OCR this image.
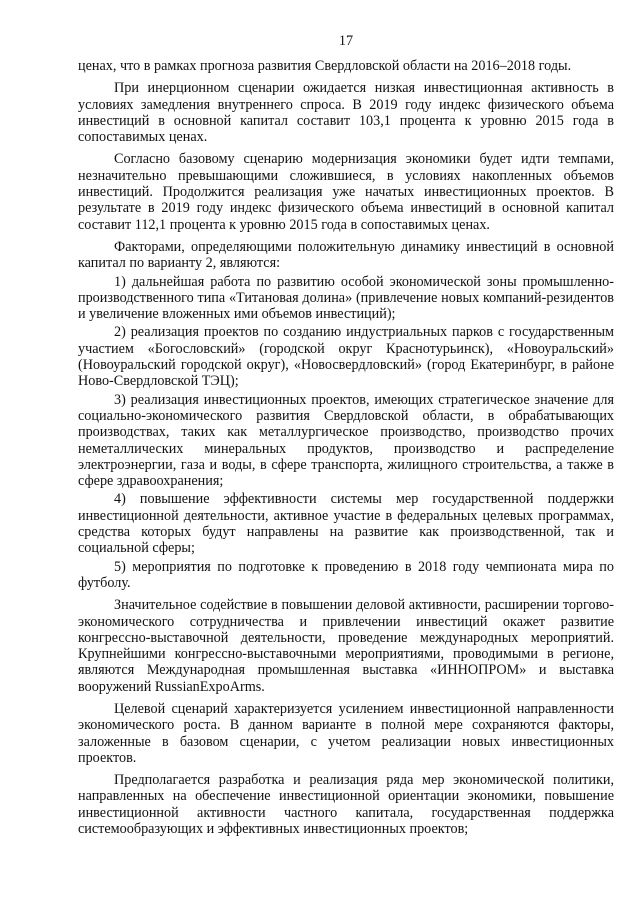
17

ценах, что в рамках прогноза развития Свердловской области на 2016–2018 годы.

При инерционном сценарии ожидается низкая инвестиционная активность в условиях замедления внутреннего спроса. В 2019 году индекс физического объема инвестиций в основной капитал составит 103,1 процента к уровню 2015 года в сопоставимых ценах.

Согласно базовому сценарию модернизация экономики будет идти темпами, незначительно превышающими сложившиеся, в условиях накопленных объемов инвестиций. Продолжится реализация уже начатых инвестиционных проектов. В результате в 2019 году индекс физического объема инвестиций в основной капитал составит 112,1 процента к уровню 2015 года в сопоставимых ценах.

Факторами, определяющими положительную динамику инвестиций в основной капитал по варианту 2, являются:

1) дальнейшая работа по развитию особой экономической зоны промышленно-производственного типа «Титановая долина» (привлечение новых компаний-резидентов и увеличение вложенных ими объемов инвестиций);

2) реализация проектов по созданию индустриальных парков с государственным участием «Богословский» (городской округ Краснотурьинск), «Новоуральский» (Новоуральский городской округ), «Новосвердловский» (город Екатеринбург, в районе Ново-Свердловской ТЭЦ);

3) реализация инвестиционных проектов, имеющих стратегическое значение для социально-экономического развития Свердловской области, в обрабатывающих производствах, таких как металлургическое производство, производство прочих неметаллических минеральных продуктов, производство и распределение электроэнергии, газа и воды, в сфере транспорта, жилищного строительства, а также в сфере здравоохранения;

4) повышение эффективности системы мер государственной поддержки инвестиционной деятельности, активное участие в федеральных целевых программах, средства которых будут направлены на развитие как производственной, так и социальной сферы;

5) мероприятия по подготовке к проведению в 2018 году чемпионата мира по футболу.

Значительное содействие в повышении деловой активности, расширении торгово-экономического сотрудничества и привлечении инвестиций окажет развитие конгрессно-выставочной деятельности, проведение международных мероприятий. Крупнейшими конгрессно-выставочными мероприятиями, проводимыми в регионе, являются Международная промышленная выставка «ИННОПРОМ» и выставка вооружений RussianExpoArms.

Целевой сценарий характеризуется усилением инвестиционной направленности экономического роста. В данном варианте в полной мере сохраняются факторы, заложенные в базовом сценарии, с учетом реализации новых инвестиционных проектов.

Предполагается разработка и реализация ряда мер экономической политики, направленных на обеспечение инвестиционной ориентации экономики, повышение инвестиционной активности частного капитала, государственная поддержка системообразующих и эффективных инвестиционных проектов;
